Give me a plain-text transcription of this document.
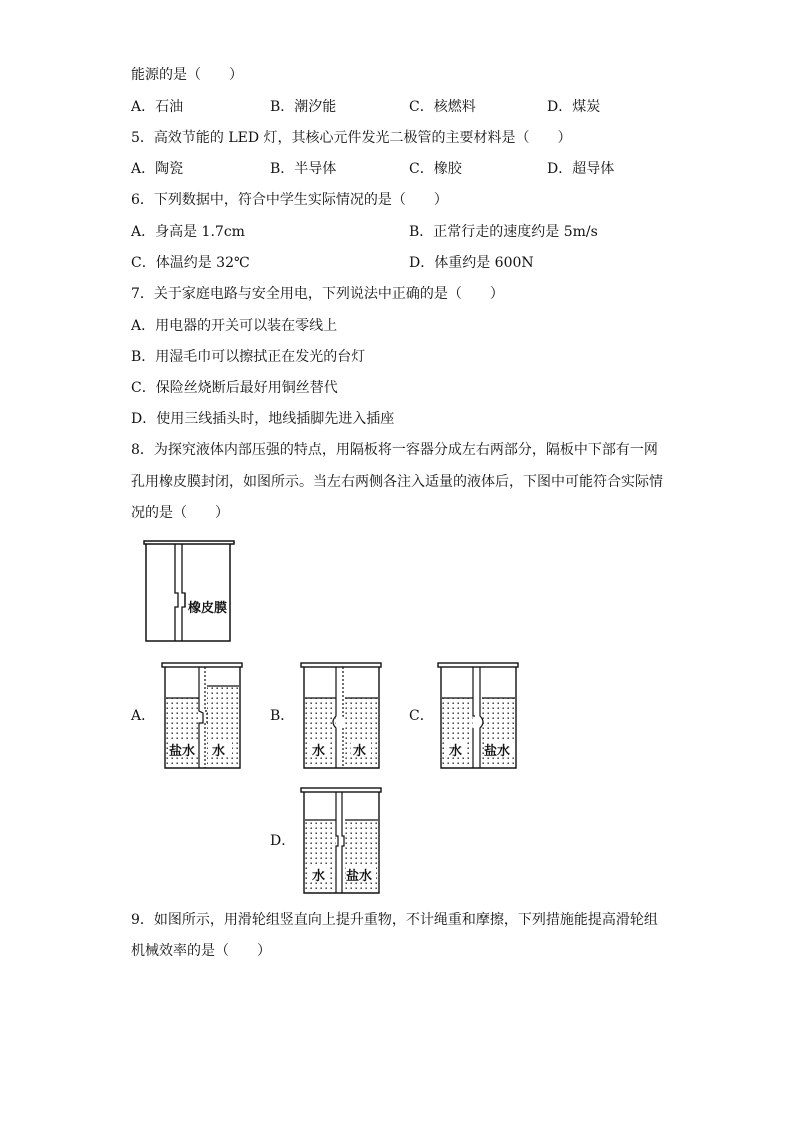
能源的是（　　）
A．石油	B．潮汐能	C．核燃料	D．煤炭
5．高效节能的 LED 灯，其核心元件发光二极管的主要材料是（　　）
A．陶瓷	B．半导体	C．橡胶	D．超导体
6．下列数据中，符合中学生实际情况的是（　　）
A．身高是 1.7cm	B．正常行走的速度约是 5m/s
C．体温约是 32℃	D．体重约是 600N
7．关于家庭电路与安全用电，下列说法中正确的是（　　）
A．用电器的开关可以装在零线上
B．用湿毛巾可以擦拭正在发光的台灯
C．保险丝烧断后最好用铜丝替代
D．使用三线插头时，地线插脚先进入插座
8．为探究液体内部压强的特点，用隔板将一容器分成左右两部分，隔板中下部有一网
孔用橡皮膜封闭，如图所示。当左右两侧各注入适量的液体后，下图中可能符合实际情
况的是（　　）
橡皮膜
A．
盐水 水
B．
水 水
C．
水 盐水
D．
水 盐水
9．如图所示，用滑轮组竖直向上提升重物，不计绳重和摩擦，下列措施能提高滑轮组
机械效率的是（　　）
